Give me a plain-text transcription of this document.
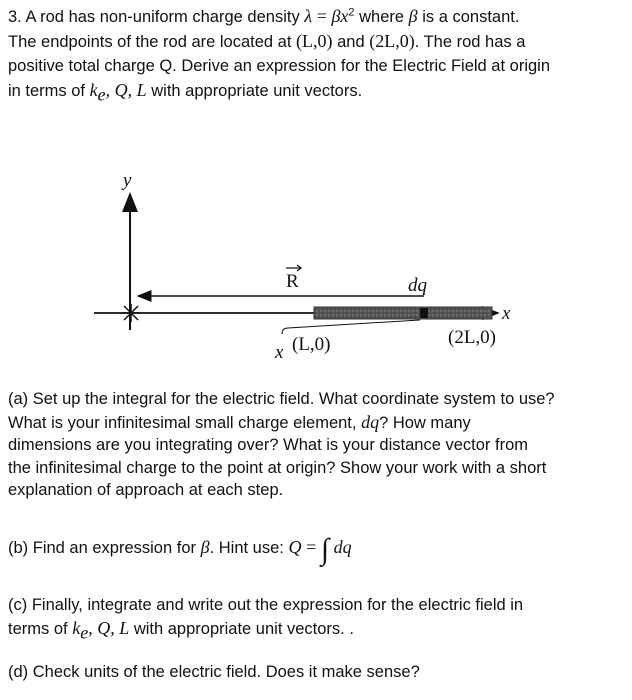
3. A rod has non-uniform charge density $\lambda = \beta x^2$ where β is a constant.
The endpoints of the rod are located at (L,0) and (2L,0). The rod has a
positive total charge Q. Derive an expression for the Electric Field at origin
in terms of $k_e$, Q, L with appropriate unit vectors.
y
x
R	dq
x (L,0)	(2L,0)
(a) Set up the integral for the electric field. What coordinate system to use?
What is your infinitesimal small charge element, dq? How many
dimensions are you integrating over? What is your distance vector from
the infinitesimal charge to the point at origin? Show your work with a short
explanation of approach at each step.
(b) Find an expression for β. Hint use: Q = ∫ dq
(c) Finally, integrate and write out the expression for the electric field in
terms of $k_e$, Q, L with appropriate unit vectors. .
(d) Check units of the electric field. Does it make sense?
